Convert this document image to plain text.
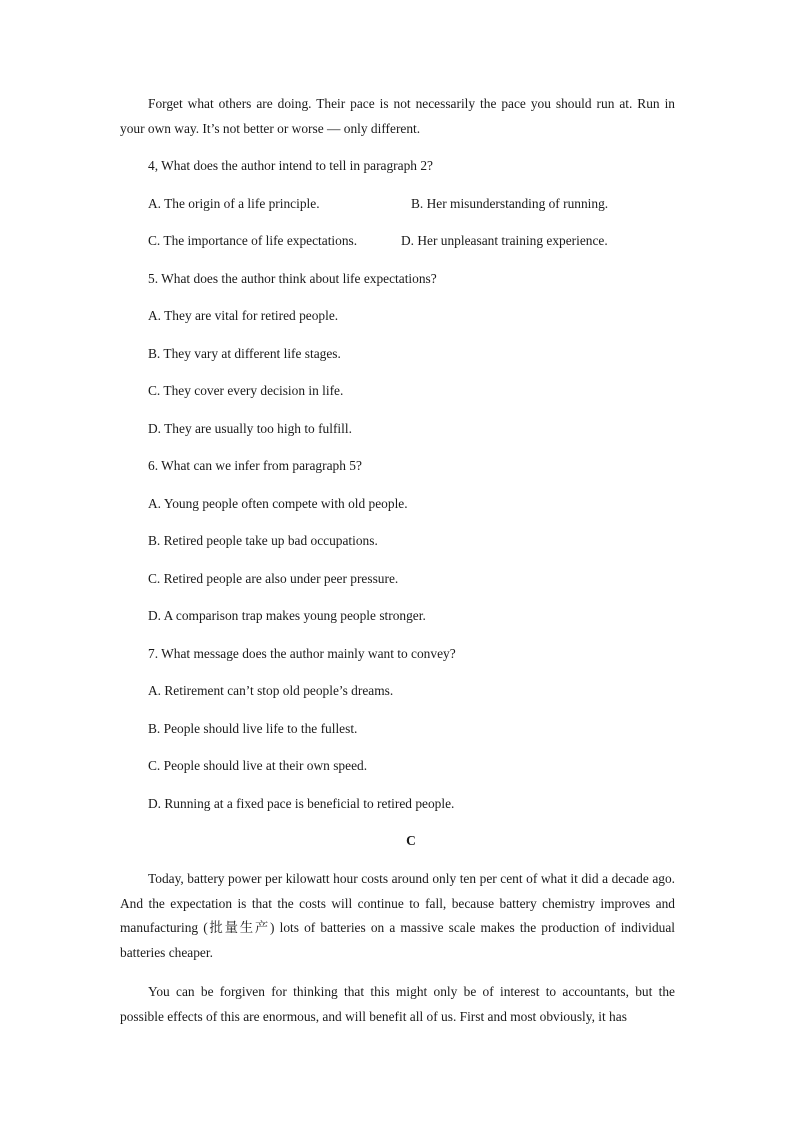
Forget what others are doing. Their pace is not necessarily the pace you should run at. Run in your own way. It’s not better or worse — only different.

4, What does the author intend to tell in paragraph 2?

A. The origin of a life principle.	B. Her misunderstanding of running.
C. The importance of life expectations.	D. Her unpleasant training experience.

5. What does the author think about life expectations?

A. They are vital for retired people.

B. They vary at different life stages.

C. They cover every decision in life.

D. They are usually too high to fulfill.

6. What can we infer from paragraph 5?

A. Young people often compete with old people.

B. Retired people take up bad occupations.

C. Retired people are also under peer pressure.

D. A comparison trap makes young people stronger.

7. What message does the author mainly want to convey?

A. Retirement can’t stop old people’s dreams.

B. People should live life to the fullest.

C. People should live at their own speed.

D. Running at a fixed pace is beneficial to retired people.

C

Today, battery power per kilowatt hour costs around only ten per cent of what it did a decade ago. And the expectation is that the costs will continue to fall, because battery chemistry improves and manufacturing (批量生产) lots of batteries on a massive scale makes the production of individual batteries cheaper.

You can be forgiven for thinking that this might only be of interest to accountants, but the possible effects of this are enormous, and will benefit all of us. First and most obviously, it has
